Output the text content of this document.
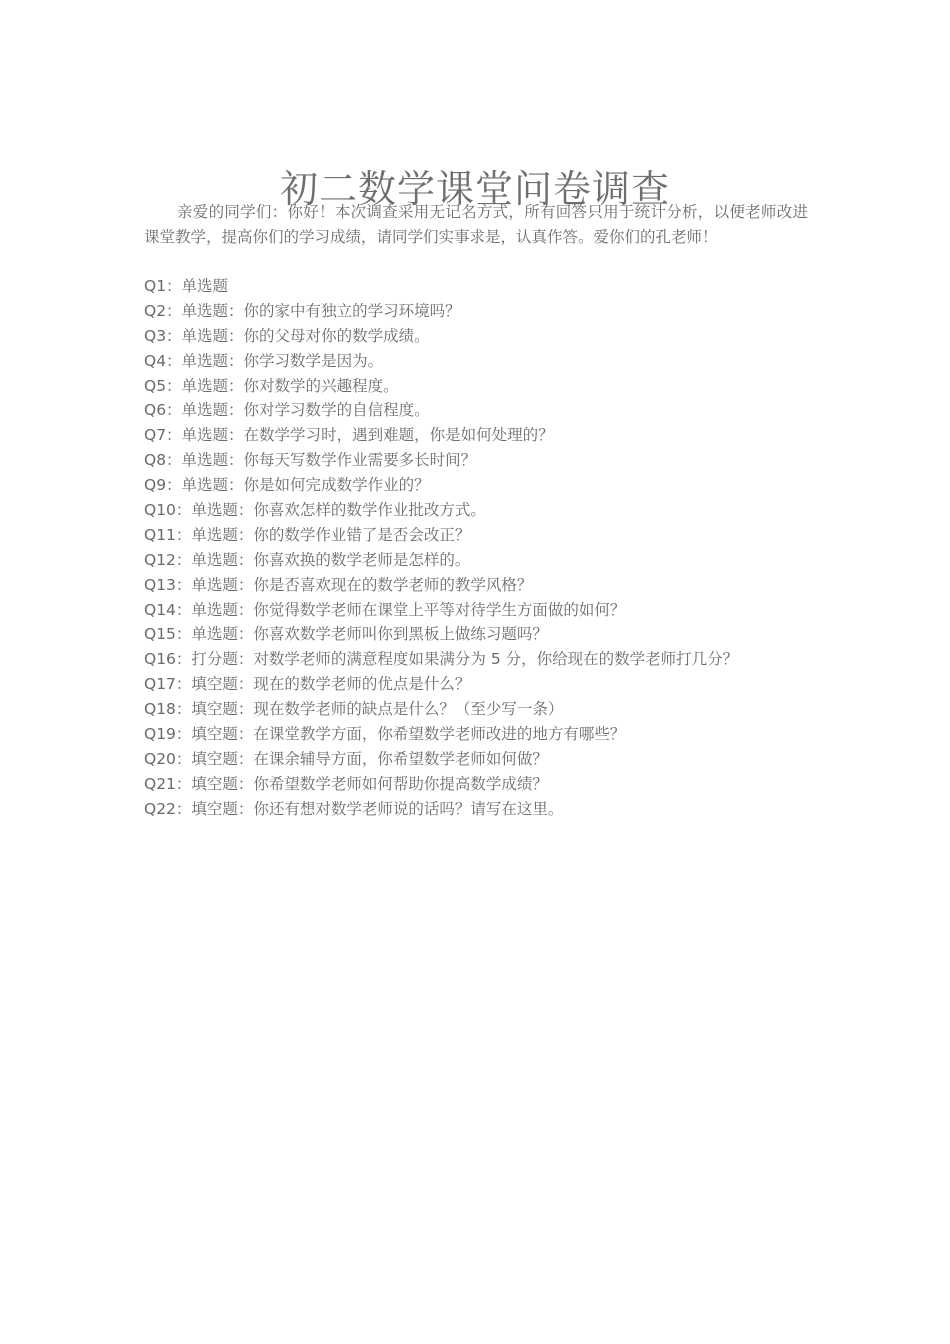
初二数学课堂问卷调查

亲爱的同学们：你好！本次调查采用无记名方式，所有回答只用于统计分析，以便老师改进课堂教学，提高你们的学习成绩，请同学们实事求是，认真作答。爱你们的孔老师！

Q1：单选题
Q2：单选题：你的家中有独立的学习环境吗？
Q3：单选题：你的父母对你的数学成绩。
Q4：单选题：你学习数学是因为。
Q5：单选题：你对数学的兴趣程度。
Q6：单选题：你对学习数学的自信程度。
Q7：单选题：在数学学习时，遇到难题，你是如何处理的？
Q8：单选题：你每天写数学作业需要多长时间？
Q9：单选题：你是如何完成数学作业的？
Q10：单选题：你喜欢怎样的数学作业批改方式。
Q11：单选题：你的数学作业错了是否会改正？
Q12：单选题：你喜欢换的数学老师是怎样的。
Q13：单选题：你是否喜欢现在的数学老师的教学风格？
Q14：单选题：你觉得数学老师在课堂上平等对待学生方面做的如何？
Q15：单选题：你喜欢数学老师叫你到黑板上做练习题吗？
Q16：打分题：对数学老师的满意程度如果满分为 5 分，你给现在的数学老师打几分？
Q17：填空题：现在的数学老师的优点是什么？
Q18：填空题：现在数学老师的缺点是什么？（至少写一条）
Q19：填空题：在课堂教学方面，你希望数学老师改进的地方有哪些？
Q20：填空题：在课余辅导方面，你希望数学老师如何做？
Q21：填空题：你希望数学老师如何帮助你提高数学成绩？
Q22：填空题：你还有想对数学老师说的话吗？请写在这里。
